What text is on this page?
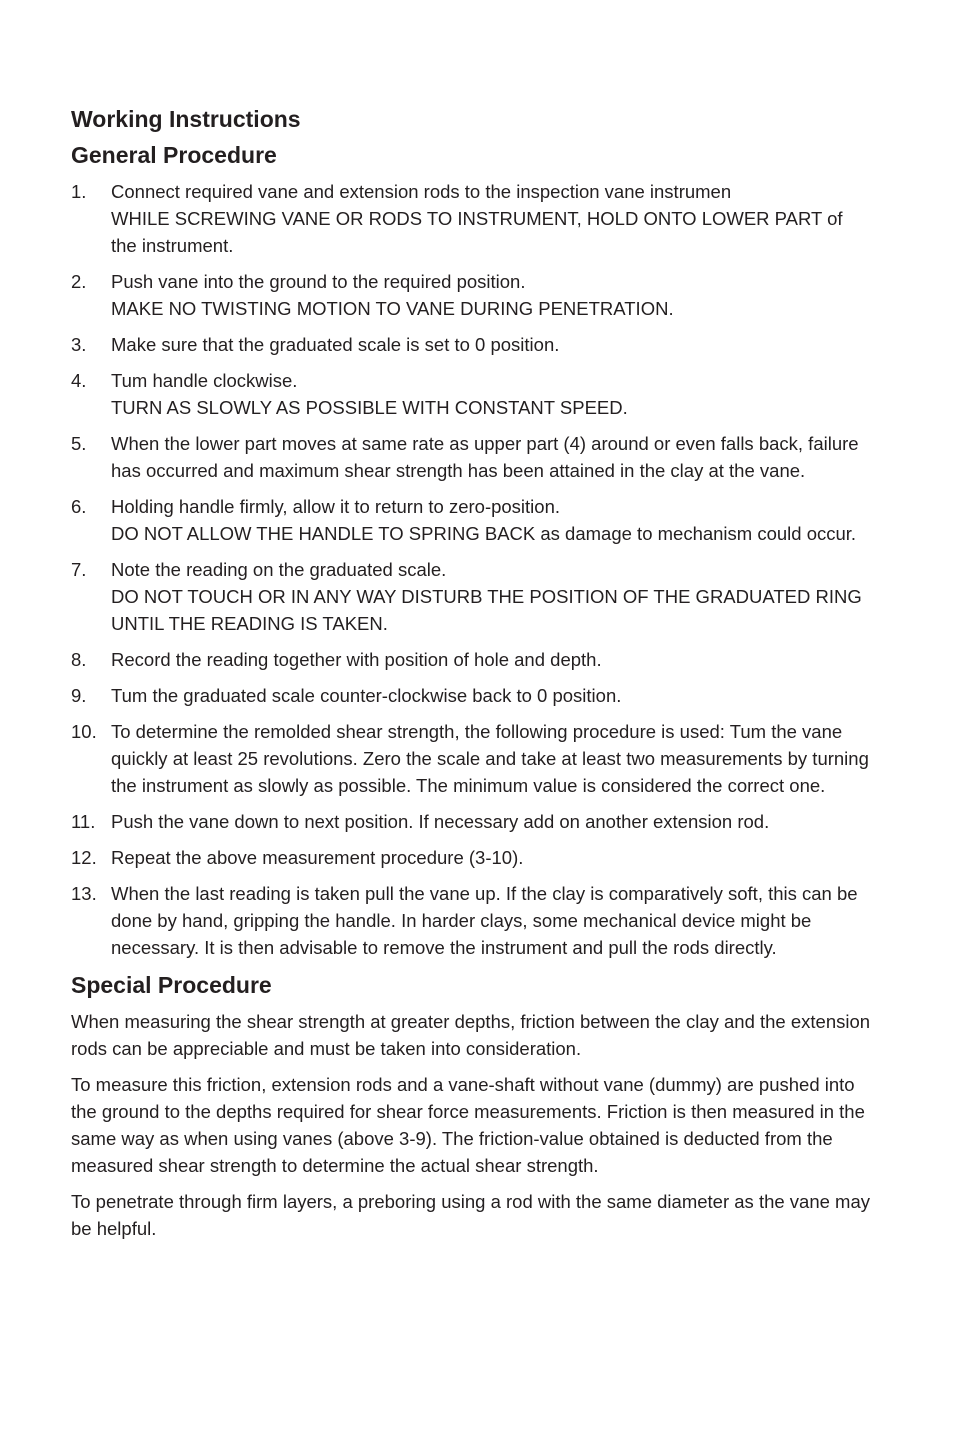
Working Instructions
General Procedure
1.	Connect required vane and extension rods to the inspection vane instrumen
WHILE SCREWING VANE OR RODS TO INSTRUMENT, HOLD ONTO LOWER PART of the instrument.
2.	Push vane into the ground to the required position.
MAKE NO TWISTING MOTION TO VANE DURING PENETRATION.
3.	Make sure that the graduated scale is set to 0 position.
4.	Tum handle clockwise.
TURN AS SLOWLY AS POSSIBLE WITH CONSTANT SPEED.
5.	When the lower part moves at same rate as upper part (4) around or even falls back, failure has occurred and maximum shear strength has been attained in the clay at the vane.
6.	Holding handle firmly, allow it to return to zero-position.
DO NOT ALLOW THE HANDLE TO SPRING BACK as damage to mechanism could occur.
7.	Note the reading on the graduated scale.
DO NOT TOUCH OR IN ANY WAY DISTURB THE POSITION OF THE GRADUATED RING UNTIL THE READING IS TAKEN.
8.	Record the reading together with position of hole and depth.
9.	Tum the graduated scale counter-clockwise back to 0 position.
10. To determine the remolded shear strength, the following procedure is used: Tum the vane quickly at least 25 revolutions. Zero the scale and take at least two measurements by turning the instrument as slowly as possible. The minimum value is considered the correct one.
11. Push the vane down to next position. If necessary add on another extension rod.
12. Repeat the above measurement procedure (3-10).
13. When the last reading is taken pull the vane up. If the clay is comparatively soft, this can be done by hand, gripping the handle. In harder clays, some mechanical device might be necessary. It is then advisable to remove the instrument and pull the rods directly.
Special Procedure

When measuring the shear strength at greater depths, friction between the clay and the extension rods can be appreciable and must be taken into consideration.

To measure this friction, extension rods and a vane-shaft without vane (dummy) are pushed into the ground to the depths required for shear force measurements. Friction is then measured in the same way as when using vanes (above 3-9). The friction-value obtained is deducted from the measured shear strength to determine the actual shear strength.

To penetrate through firm layers, a preboring using a rod with the same diameter as the vane may be helpful.
